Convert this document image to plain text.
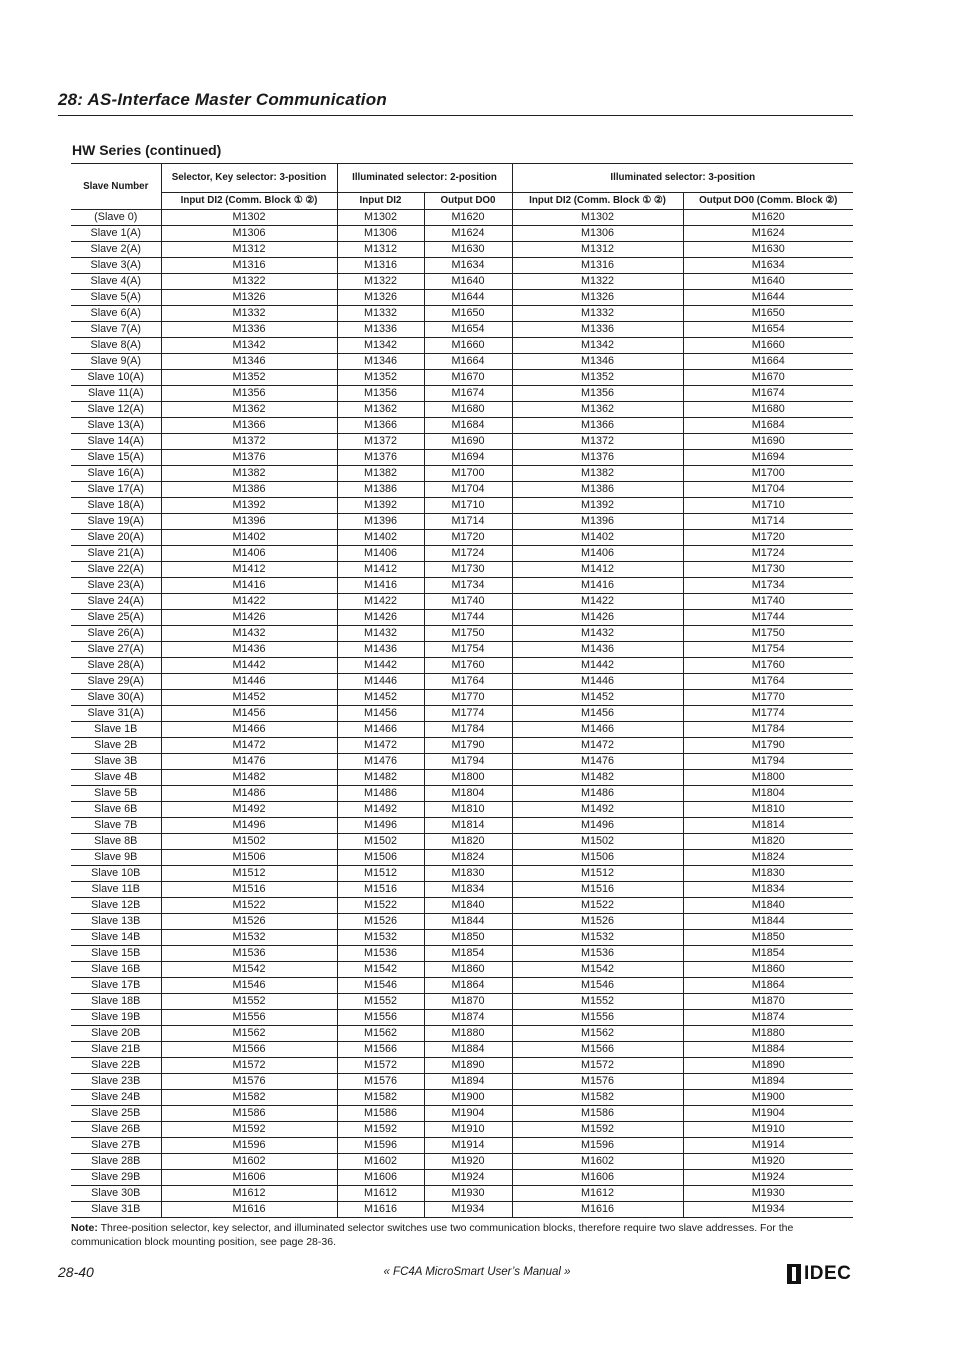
28: AS-Interface Master Communication
HW Series (continued)
Slave Number	Selector, Key selector: 3-position	Illuminated selector: 2-position		Illuminated selector: 3-position	
	Input DI2 (Comm. Block ① ②)	Input DI2	Output DO0	Input DI2 (Comm. Block ① ②)	Output DO0 (Comm. Block ②)
(Slave 0)	M1302	M1302	M1620	M1302	M1620
Slave 1(A)	M1306	M1306	M1624	M1306	M1624
Slave 2(A)	M1312	M1312	M1630	M1312	M1630
Slave 3(A)	M1316	M1316	M1634	M1316	M1634
Slave 4(A)	M1322	M1322	M1640	M1322	M1640
Slave 5(A)	M1326	M1326	M1644	M1326	M1644
Slave 6(A)	M1332	M1332	M1650	M1332	M1650
Slave 7(A)	M1336	M1336	M1654	M1336	M1654
Slave 8(A)	M1342	M1342	M1660	M1342	M1660
Slave 9(A)	M1346	M1346	M1664	M1346	M1664
Slave 10(A)	M1352	M1352	M1670	M1352	M1670
Slave 11(A)	M1356	M1356	M1674	M1356	M1674
Slave 12(A)	M1362	M1362	M1680	M1362	M1680
Slave 13(A)	M1366	M1366	M1684	M1366	M1684
Slave 14(A)	M1372	M1372	M1690	M1372	M1690
Slave 15(A)	M1376	M1376	M1694	M1376	M1694
Slave 16(A)	M1382	M1382	M1700	M1382	M1700
Slave 17(A)	M1386	M1386	M1704	M1386	M1704
Slave 18(A)	M1392	M1392	M1710	M1392	M1710
Slave 19(A)	M1396	M1396	M1714	M1396	M1714
Slave 20(A)	M1402	M1402	M1720	M1402	M1720
Slave 21(A)	M1406	M1406	M1724	M1406	M1724
Slave 22(A)	M1412	M1412	M1730	M1412	M1730
Slave 23(A)	M1416	M1416	M1734	M1416	M1734
Slave 24(A)	M1422	M1422	M1740	M1422	M1740
Slave 25(A)	M1426	M1426	M1744	M1426	M1744
Slave 26(A)	M1432	M1432	M1750	M1432	M1750
Slave 27(A)	M1436	M1436	M1754	M1436	M1754
Slave 28(A)	M1442	M1442	M1760	M1442	M1760
Slave 29(A)	M1446	M1446	M1764	M1446	M1764
Slave 30(A)	M1452	M1452	M1770	M1452	M1770
Slave 31(A)	M1456	M1456	M1774	M1456	M1774
Slave 1B	M1466	M1466	M1784	M1466	M1784
Slave 2B	M1472	M1472	M1790	M1472	M1790
Slave 3B	M1476	M1476	M1794	M1476	M1794
Slave 4B	M1482	M1482	M1800	M1482	M1800
Slave 5B	M1486	M1486	M1804	M1486	M1804
Slave 6B	M1492	M1492	M1810	M1492	M1810
Slave 7B	M1496	M1496	M1814	M1496	M1814
Slave 8B	M1502	M1502	M1820	M1502	M1820
Slave 9B	M1506	M1506	M1824	M1506	M1824
Slave 10B	M1512	M1512	M1830	M1512	M1830
Slave 11B	M1516	M1516	M1834	M1516	M1834
Slave 12B	M1522	M1522	M1840	M1522	M1840
Slave 13B	M1526	M1526	M1844	M1526	M1844
Slave 14B	M1532	M1532	M1850	M1532	M1850
Slave 15B	M1536	M1536	M1854	M1536	M1854
Slave 16B	M1542	M1542	M1860	M1542	M1860
Slave 17B	M1546	M1546	M1864	M1546	M1864
Slave 18B	M1552	M1552	M1870	M1552	M1870
Slave 19B	M1556	M1556	M1874	M1556	M1874
Slave 20B	M1562	M1562	M1880	M1562	M1880
Slave 21B	M1566	M1566	M1884	M1566	M1884
Slave 22B	M1572	M1572	M1890	M1572	M1890
Slave 23B	M1576	M1576	M1894	M1576	M1894
Slave 24B	M1582	M1582	M1900	M1582	M1900
Slave 25B	M1586	M1586	M1904	M1586	M1904
Slave 26B	M1592	M1592	M1910	M1592	M1910
Slave 27B	M1596	M1596	M1914	M1596	M1914
Slave 28B	M1602	M1602	M1920	M1602	M1920
Slave 29B	M1606	M1606	M1924	M1606	M1924
Slave 30B	M1612	M1612	M1930	M1612	M1930
Slave 31B	M1616	M1616	M1934	M1616	M1934
Note: Three-position selector, key selector, and illuminated selector switches use two communication blocks, therefore require two slave addresses. For the communication block mounting position, see page 28-36.
28-40	« FC4A MicroSmart User’s Manual »	IDEC
